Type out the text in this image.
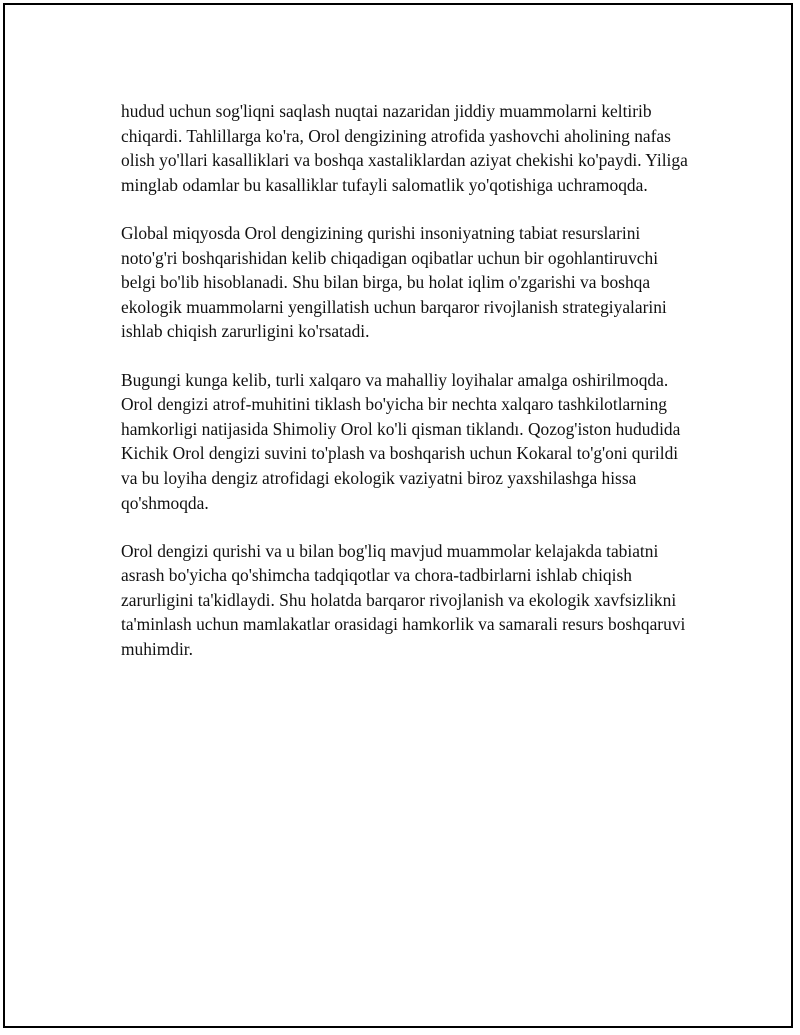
hudud uchun sog'liqni saqlash nuqtai nazaridan jiddiy muammolarni keltirib chiqardi. Tahlillarga ko'ra, Orol dengizining atrofida yashovchi aholining nafas olish yo'llari kasalliklari va boshqa xastaliklardan aziyat chekishi ko'paydi. Yiliga minglab odamlar bu kasalliklar tufayli salomatlik yo'qotishiga uchramoqda.

Global miqyosda Orol dengizining qurishi insoniyatning tabiat resurslarini noto'g'ri boshqarishidan kelib chiqadigan oqibatlar uchun bir ogohlantiruvchi belgi bo'lib hisoblanadi. Shu bilan birga, bu holat iqlim o'zgarishi va boshqa ekologik muammolarni yengillatish uchun barqaror rivojlanish strategiyalarini ishlab chiqish zarurligini ko'rsatadi.

Bugungi kunga kelib, turli xalqaro va mahalliy loyihalar amalga oshirilmoqda. Orol dengizi atrof-muhitini tiklash bo'yicha bir nechta xalqaro tashkilotlarning hamkorligi natijasida Shimoliy Orol ko'li qisman tiklandı. Qozog'iston hududida Kichik Orol dengizi suvini to'plash va boshqarish uchun Kokaral to'g'oni qurildi va bu loyiha dengiz atrofidagi ekologik vaziyatni biroz yaxshilashga hissa qo'shmoqda.

Orol dengizi qurishi va u bilan bog'liq mavjud muammolar kelajakda tabiatni asrash bo'yicha qo'shimcha tadqiqotlar va chora-tadbirlarni ishlab chiqish zarurligini ta'kidlaydi. Shu holatda barqaror rivojlanish va ekologik xavfsizlikni ta'minlash uchun mamlakatlar orasidagi hamkorlik va samarali resurs boshqaruvi muhimdir.
